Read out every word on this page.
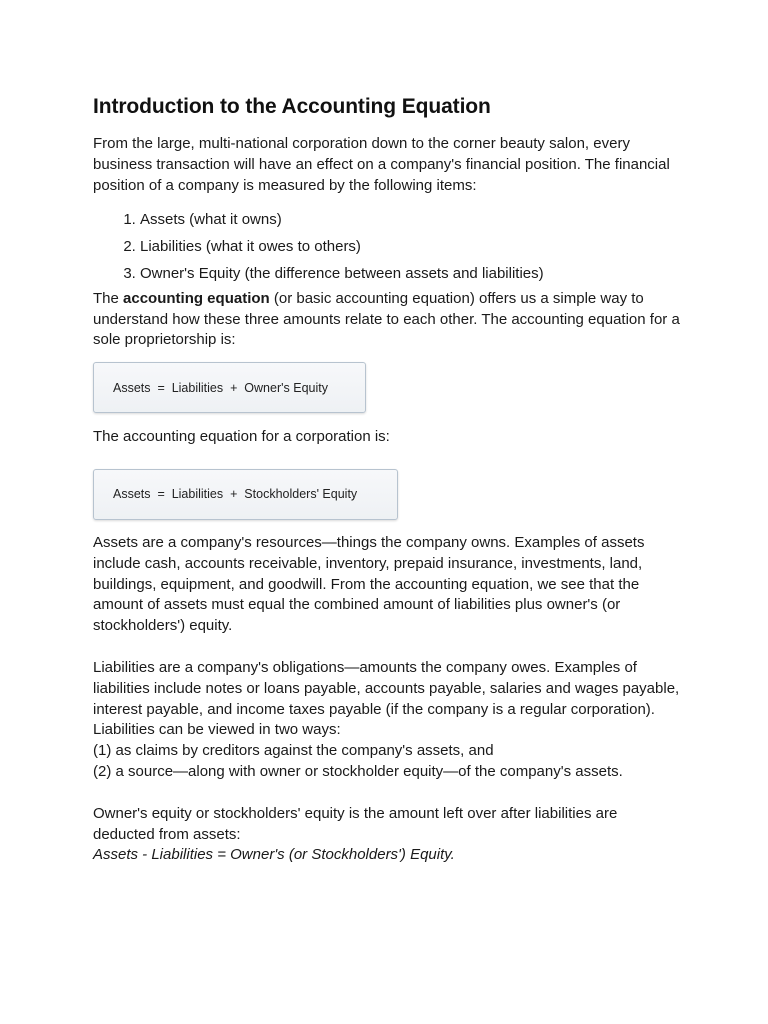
Introduction to the Accounting Equation

From the large, multi-national corporation down to the corner beauty salon, every business transaction will have an effect on a company's financial position. The financial position of a company is measured by the following items:

1. Assets (what it owns)
2. Liabilities (what it owes to others)
3. Owner's Equity (the difference between assets and liabilities)

The accounting equation (or basic accounting equation) offers us a simple way to understand how these three amounts relate to each other. The accounting equation for a sole proprietorship is:

Assets  =  Liabilities  +  Owner's Equity

The accounting equation for a corporation is:

Assets  =  Liabilities  +  Stockholders' Equity

Assets are a company's resources—things the company owns. Examples of assets include cash, accounts receivable, inventory, prepaid insurance, investments, land, buildings, equipment, and goodwill. From the accounting equation, we see that the amount of assets must equal the combined amount of liabilities plus owner's (or stockholders') equity.

Liabilities are a company's obligations—amounts the company owes. Examples of liabilities include notes or loans payable, accounts payable, salaries and wages payable, interest payable, and income taxes payable (if the company is a regular corporation). Liabilities can be viewed in two ways:

(1) as claims by creditors against the company's assets, and

(2) a source—along with owner or stockholder equity—of the company's assets.

Owner's equity or stockholders' equity is the amount left over after liabilities are deducted from assets:

Assets - Liabilities = Owner's (or Stockholders') Equity.
